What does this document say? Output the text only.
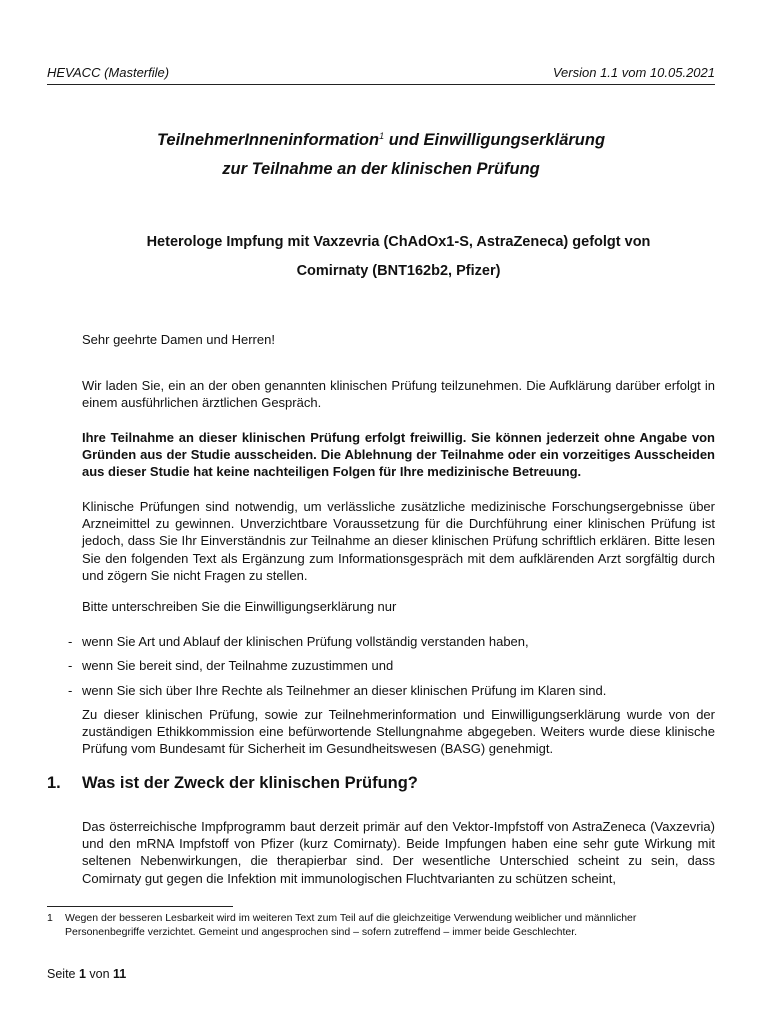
HEVACC (Masterfile)	Version 1.1 vom 10.05.2021
TeilnehmerInneninformation$^1$ und Einwilligungserklärung
zur Teilnahme an der klinischen Prüfung
Heterologe Impfung mit Vaxzevria (ChAdOx1-S, AstraZeneca) gefolgt von
Comirnaty (BNT162b2, Pfizer)

Sehr geehrte Damen und Herren!

Wir laden Sie, ein an der oben genannten klinischen Prüfung teilzunehmen. Die Aufklärung darüber erfolgt in einem ausführlichen ärztlichen Gespräch.

Ihre Teilnahme an dieser klinischen Prüfung erfolgt freiwillig. Sie können jederzeit ohne Angabe von Gründen aus der Studie ausscheiden. Die Ablehnung der Teilnahme oder ein vorzeitiges Ausscheiden aus dieser Studie hat keine nachteiligen Folgen für Ihre medizinische Betreuung.

Klinische Prüfungen sind notwendig, um verlässliche zusätzliche medizinische Forschungsergebnisse über Arzneimittel zu gewinnen. Unverzichtbare Voraussetzung für die Durchführung einer klinischen Prüfung ist jedoch, dass Sie Ihr Einverständnis zur Teilnahme an dieser klinischen Prüfung schriftlich erklären. Bitte lesen Sie den folgenden Text als Ergänzung zum Informationsgespräch mit dem aufklärenden Arzt sorgfältig durch und zögern Sie nicht Fragen zu stellen.

Bitte unterschreiben Sie die Einwilligungserklärung nur

- wenn Sie Art und Ablauf der klinischen Prüfung vollständig verstanden haben,
- wenn Sie bereit sind, der Teilnahme zuzustimmen und
- wenn Sie sich über Ihre Rechte als Teilnehmer an dieser klinischen Prüfung im Klaren sind.

Zu dieser klinischen Prüfung, sowie zur Teilnehmerinformation und Einwilligungserklärung wurde von der zuständigen Ethikkommission eine befürwortende Stellungnahme abgegeben. Weiters wurde diese klinische Prüfung vom Bundesamt für Sicherheit im Gesundheitswesen (BASG) genehmigt.

1. Was ist der Zweck der klinischen Prüfung?

Das österreichische Impfprogramm baut derzeit primär auf den Vektor-Impfstoff von AstraZeneca (Vaxzevria) und den mRNA Impfstoff von Pfizer (kurz Comirnaty). Beide Impfungen haben eine sehr gute Wirkung mit seltenen Nebenwirkungen, die therapierbar sind. Der wesentliche Unterschied scheint zu sein, dass Comirnaty gut gegen die Infektion mit immunologischen Fluchtvarianten zu schützen scheint,

1 Wegen der besseren Lesbarkeit wird im weiteren Text zum Teil auf die gleichzeitige Verwendung weiblicher und männlicher Personenbegriffe verzichtet. Gemeint und angesprochen sind – sofern zutreffend – immer beide Geschlechter.
Seite 1 von 11
